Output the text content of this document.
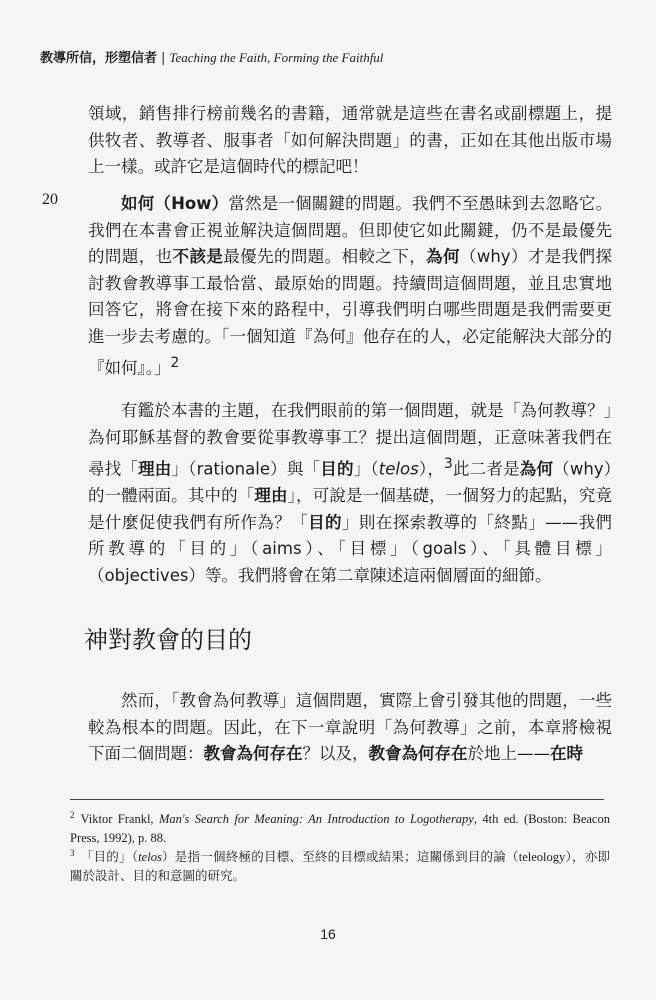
教導所信，形塑信者 | Teaching the Faith, Forming the Faithful

領域，銷售排行榜前幾名的書籍，通常就是這些在書名或副標題上，提供牧者、教導者、服事者「如何解決問題」的書，正如在其他出版市場上一樣。或許它是這個時代的標記吧！

20	如何（How）當然是一個關鍵的問題。我們不至愚昧到去忽略它。我們在本書會正視並解決這個問題。但即使它如此關鍵，仍不是最優先的問題，也不該是最優先的問題。相較之下，為何（why）才是我們探討教會教導事工最恰當、最原始的問題。持續問這個問題，並且忠實地回答它，將會在接下來的路程中，引導我們明白哪些問題是我們需要更進一步去考慮的。「一個知道『為何』他存在的人，必定能解決大部分的『如何』。」$^2$

有鑑於本書的主題，在我們眼前的第一個問題，就是「為何教導？」為何耶穌基督的教會要從事教導事工？提出這個問題，正意味著我們在尋找「理由」（rationale）與「目的」（telos），$^3$此二者是為何（why）的一體兩面。其中的「理由」，可說是一個基礎，一個努力的起點，究竟是什麼促使我們有所作為？「目的」則在探索教導的「終點」——我們所教導的「目的」（aims）、「目標」（goals）、「具體目標」（objectives）等。我們將會在第二章陳述這兩個層面的細節。

神對教會的目的

然而，「教會為何教導」這個問題，實際上會引發其他的問題，一些較為根本的問題。因此，在下一章說明「為何教導」之前，本章將檢視下面二個問題：教會為何存在？以及，教會為何存在於地上——在時

$^2$ Viktor Frankl, Man's Search for Meaning: An Introduction to Logotherapy, 4th ed. (Boston: Beacon Press, 1992), p. 88.
$^3$ 「目的」（telos）是指一個終極的目標、至終的目標或結果；這關係到目的論（teleology），亦即關於設計、目的和意圖的研究。
16
